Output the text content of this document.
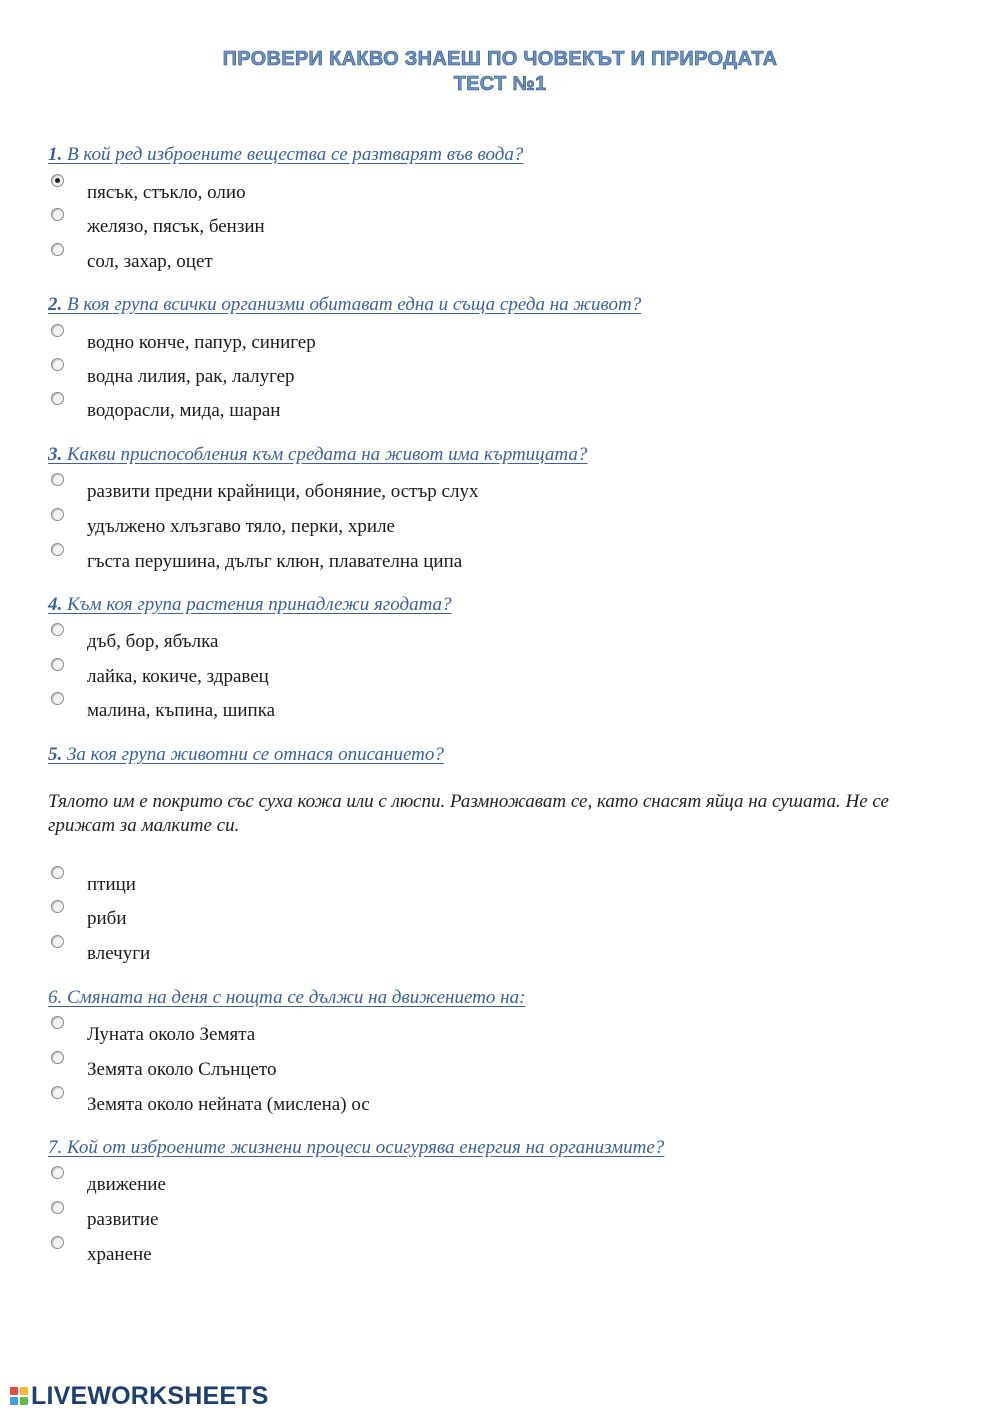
ПРОВЕРИ КАКВО ЗНАЕШ ПО ЧОВЕКЪТ И ПРИРОДАТА
ТЕСТ №1
1. В кой ред изброените вещества се разтварят във вода?
пясък, стъкло, олио
желязо, пясък, бензин
сол, захар, оцет
2. В коя група всички организми обитават една и съща среда на живот?
водно конче, папур, синигер
водна лилия, рак, лалугер
водорасли, мида, шаран
3. Какви приспособления към средата на живот има къртицата?
развити предни крайници, обоняние, остър слух
удължено хлъзгаво тяло, перки, хриле
гъста перушина, дълъг клюн, плавателна ципа
4. Към коя група растения принадлежи ягодата?
дъб, бор, ябълка
лайка, кокиче, здравец
малина, къпина, шипка
5. За коя група животни се отнася описанието?
Тялото им е покрито със суха кожа или с люспи. Размножават се, като снасят яйца на сушата. Не се грижат за малките си.
птици
риби
влечуги
6. Смяната на деня с нощта се дължи на движението на:
Луната около Земята
Земята около Слънцето
Земята около нейната (мислена) ос
7. Кой от изброените жизнени процеси осигурява енергия на организмите?
движение
развитие
хранене
LIVEWORKSHEETS
